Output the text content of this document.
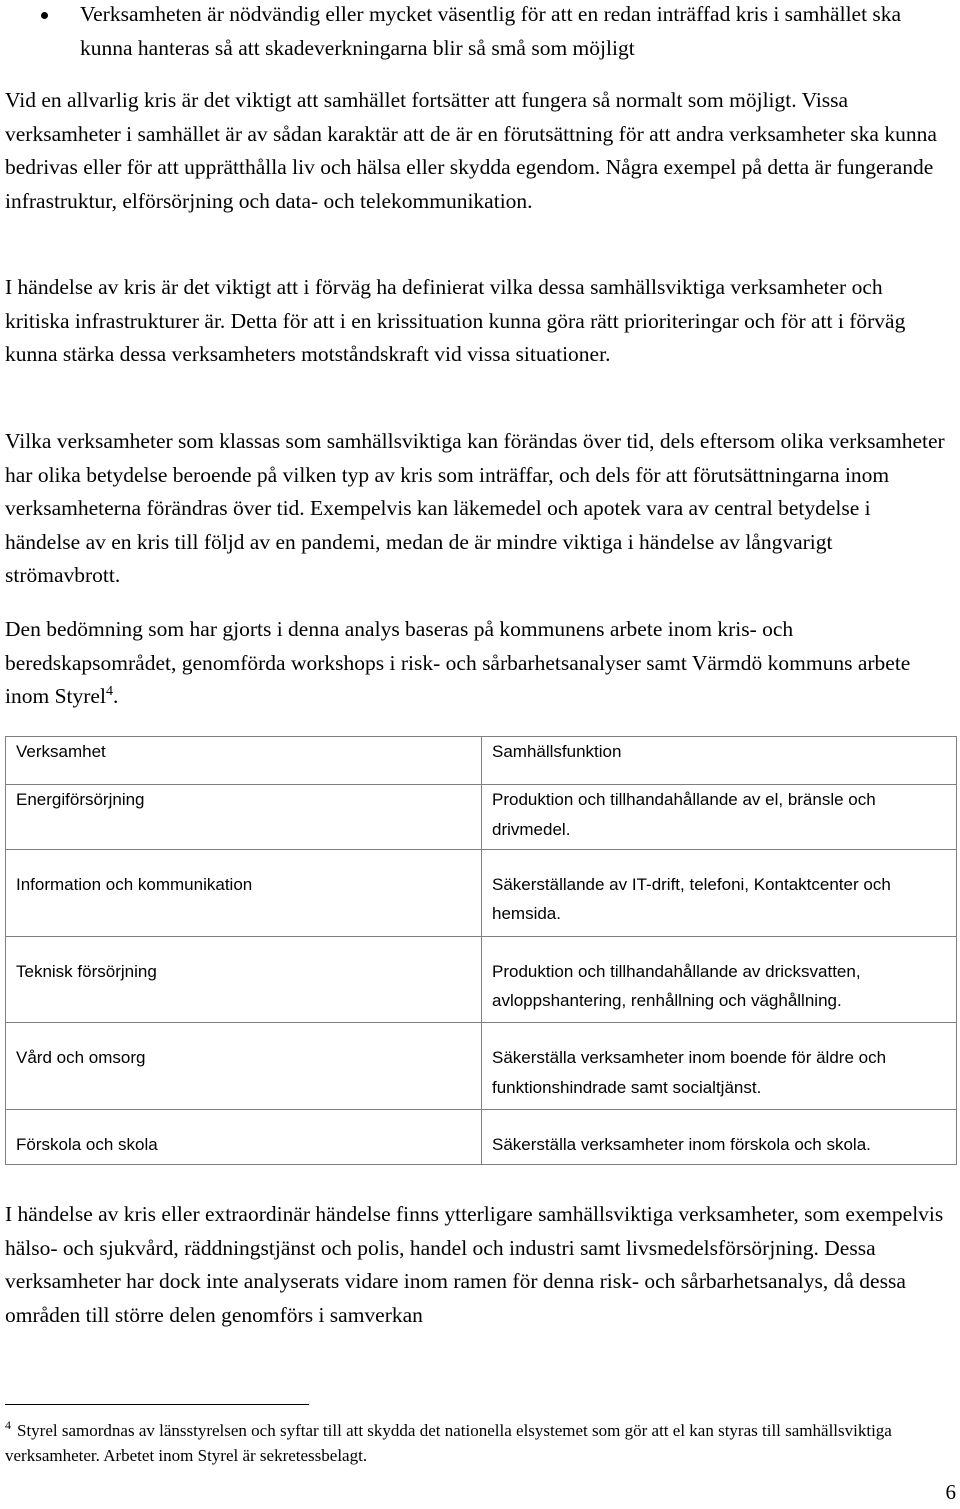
Verksamheten är nödvändig eller mycket väsentlig för att en redan inträffad kris i samhället ska kunna hanteras så att skadeverkningarna blir så små som möjligt

Vid en allvarlig kris är det viktigt att samhället fortsätter att fungera så normalt som möjligt. Vissa verksamheter i samhället är av sådan karaktär att de är en förutsättning för att andra verksamheter ska kunna bedrivas eller för att upprätthålla liv och hälsa eller skydda egendom. Några exempel på detta är fungerande infrastruktur, elförsörjning och data- och telekommunikation.

I händelse av kris är det viktigt att i förväg ha definierat vilka dessa samhällsviktiga verksamheter och kritiska infrastrukturer är. Detta för att i en krissituation kunna göra rätt prioriteringar och för att i förväg kunna stärka dessa verksamheters motståndskraft vid vissa situationer.

Vilka verksamheter som klassas som samhällsviktiga kan förändas över tid, dels eftersom olika verksamheter har olika betydelse beroende på vilken typ av kris som inträffar, och dels för att förutsättningarna inom verksamheterna förändras över tid. Exempelvis kan läkemedel och apotek vara av central betydelse i händelse av en kris till följd av en pandemi, medan de är mindre viktiga i händelse av långvarigt strömavbrott.

Den bedömning som har gjorts i denna analys baseras på kommunens arbete inom kris- och beredskapsområdet, genomförda workshops i risk- och sårbarhetsanalyser samt Värmdö kommuns arbete inom Styrel$^4$.

Verksamhet	Samhällsfunktion
Energiförsörjning	Produktion och tillhandahållande av el, bränsle och drivmedel.
Information och kommunikation	Säkerställande av IT-drift, telefoni, Kontaktcenter och hemsida.
Teknisk försörjning	Produktion och tillhandahållande av dricksvatten, avloppshantering, renhållning och väghållning.
Vård och omsorg	Säkerställa verksamheter inom boende för äldre och funktionshindrade samt socialtjänst.
Förskola och skola	Säkerställa verksamheter inom förskola och skola.

I händelse av kris eller extraordinär händelse finns ytterligare samhällsviktiga verksamheter, som exempelvis hälso- och sjukvård, räddningstjänst och polis, handel och industri samt livsmedelsförsörjning. Dessa verksamheter har dock inte analyserats vidare inom ramen för denna risk- och sårbarhetsanalys, då dessa områden till större delen genomförs i samverkan

$^4$ Styrel samordnas av länsstyrelsen och syftar till att skydda det nationella elsystemet som gör att el kan styras till samhällsviktiga verksamheter. Arbetet inom Styrel är sekretessbelagt.
6
